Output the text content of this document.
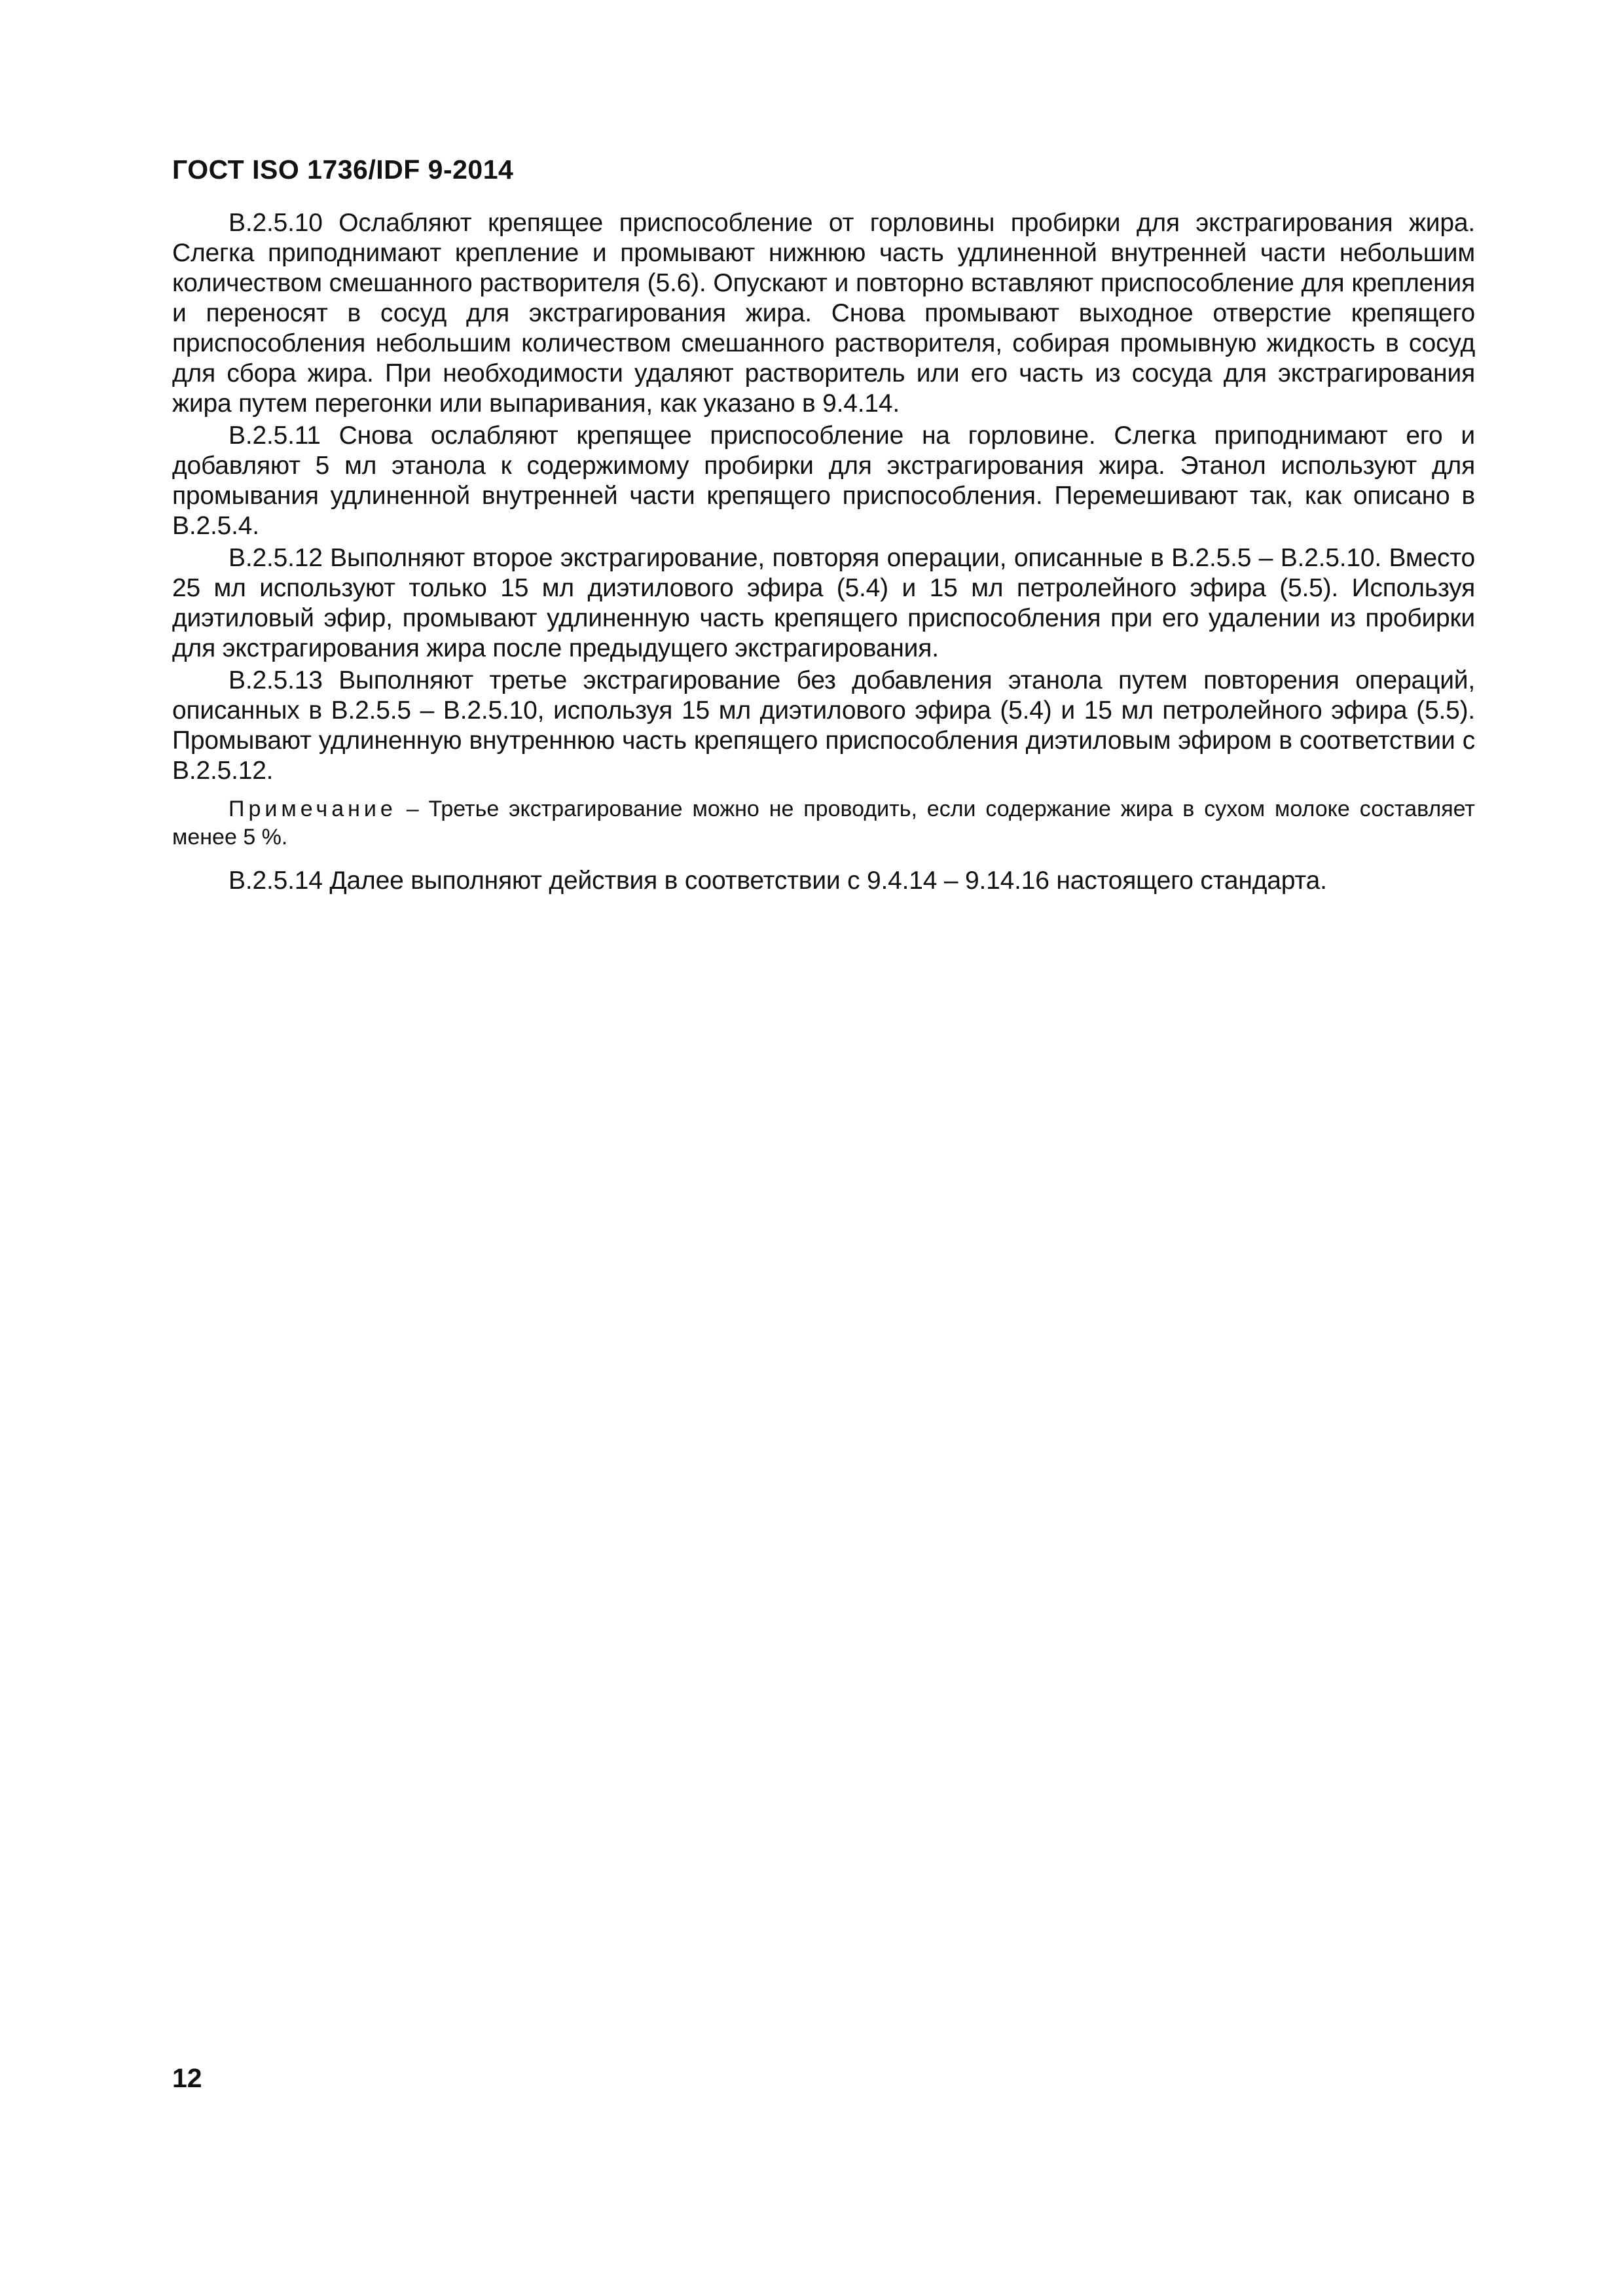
ГОСТ ISO 1736/IDF 9-2014

В.2.5.10 Ослабляют крепящее приспособление от горловины пробирки для экстрагирования жира. Слегка приподнимают крепление и промывают нижнюю часть удлиненной внутренней части небольшим количеством смешанного растворителя (5.6). Опускают и повторно вставляют приспособление для крепления и переносят в сосуд для экстрагирования жира. Снова промывают выходное отверстие крепящего приспособления небольшим количеством смешанного растворителя, собирая промывную жидкость в сосуд для сбора жира. При необходимости удаляют растворитель или его часть из сосуда для экстрагирования жира путем перегонки или выпаривания, как указано в 9.4.14.

В.2.5.11 Снова ослабляют крепящее приспособление на горловине. Слегка приподнимают его и добавляют 5 мл этанола к содержимому пробирки для экстрагирования жира. Этанол используют для промывания удлиненной внутренней части крепящего приспособления. Перемешивают так, как описано в В.2.5.4.

В.2.5.12 Выполняют второе экстрагирование, повторяя операции, описанные в В.2.5.5 – В.2.5.10. Вместо 25 мл используют только 15 мл диэтилового эфира (5.4) и 15 мл петролейного эфира (5.5). Используя диэтиловый эфир, промывают удлиненную часть крепящего приспособления при его удалении из пробирки для экстрагирования жира после предыдущего экстрагирования.

В.2.5.13 Выполняют третье экстрагирование без добавления этанола путем повторения операций, описанных в В.2.5.5 – В.2.5.10, используя 15 мл диэтилового эфира (5.4) и 15 мл петролейного эфира (5.5). Промывают удлиненную внутреннюю часть крепящего приспособления диэтиловым эфиром в соответствии с В.2.5.12.

Примечание – Третье экстрагирование можно не проводить, если содержание жира в сухом молоке составляет менее 5 %.

В.2.5.14 Далее выполняют действия в соответствии с 9.4.14 – 9.14.16 настоящего стандарта.

12
